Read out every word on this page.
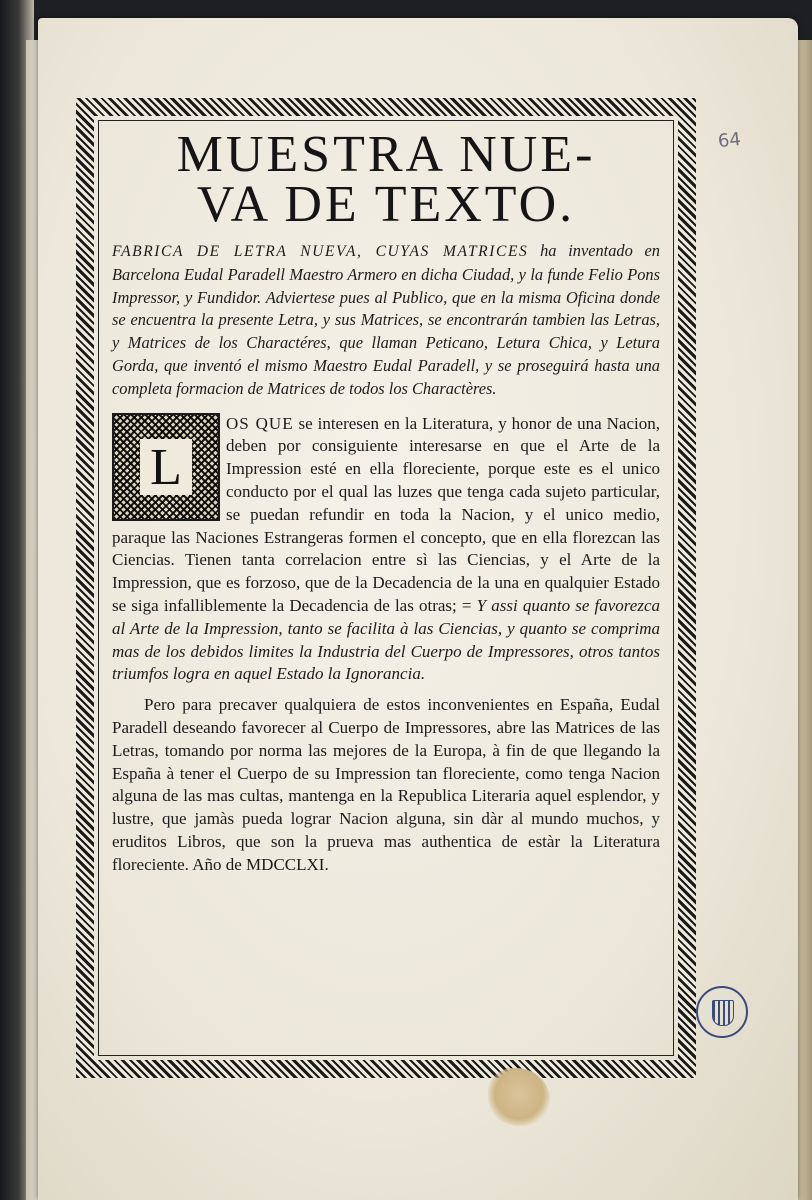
64
MUESTRA NUE-
VA DE TEXTO.

FABRICA DE LETRA NUEVA, CUYAS MATRICES ha inventado en Barcelona Eudal Paradell Maestro Armero en dicha Ciudad, y la funde Felio Pons Impressor, y Fundidor. Adviertese pues al Publico, que en la misma Oficina donde se encuentra la presente Letra, y sus Matrices, se encontrarán tambien las Letras, y Matrices de los Charactéres, que llaman Peticano, Letura Chica, y Letura Gorda, que inventó el mismo Maestro Eudal Paradell, y se proseguirá hasta una completa formacion de Matrices de todos los Charactères.

L
OS QUE se interesen en la Literatura, y honor de una Nacion, deben por consiguiente interesarse en que el Arte de la Impression esté en ella floreciente, porque este es el unico conducto por el qual las luzes que tenga cada sujeto particular, se puedan refundir en toda la Nacion, y el unico medio, paraque las Naciones Estrangeras formen el concepto, que en ella florezcan las Ciencias. Tienen tanta correlacion entre sì las Ciencias, y el Arte de la Impression, que es forzoso, que de la Decadencia de la una en qualquier Estado se siga infalliblemente la Decadencia de las otras; = Y assi quanto se favorezca al Arte de la Impression, tanto se facilita à las Ciencias, y quanto se comprima mas de los debidos limites la Industria del Cuerpo de Impressores, otros tantos triumfos logra en aquel Estado la Ignorancia.

Pero para precaver qualquiera de estos inconvenientes en España, Eudal Paradell deseando favorecer al Cuerpo de Impressores, abre las Matrices de las Letras, tomando por norma las mejores de la Europa, à fin de que llegando la España à tener el Cuerpo de su Impression tan floreciente, como tenga Nacion alguna de las mas cultas, mantenga en la Republica Literaria aquel esplendor, y lustre, que jamàs pueda lograr Nacion alguna, sin dàr al mundo muchos, y eruditos Libros, que son la prueva mas authentica de estàr la Literatura floreciente. Año de MDCCLXI.
